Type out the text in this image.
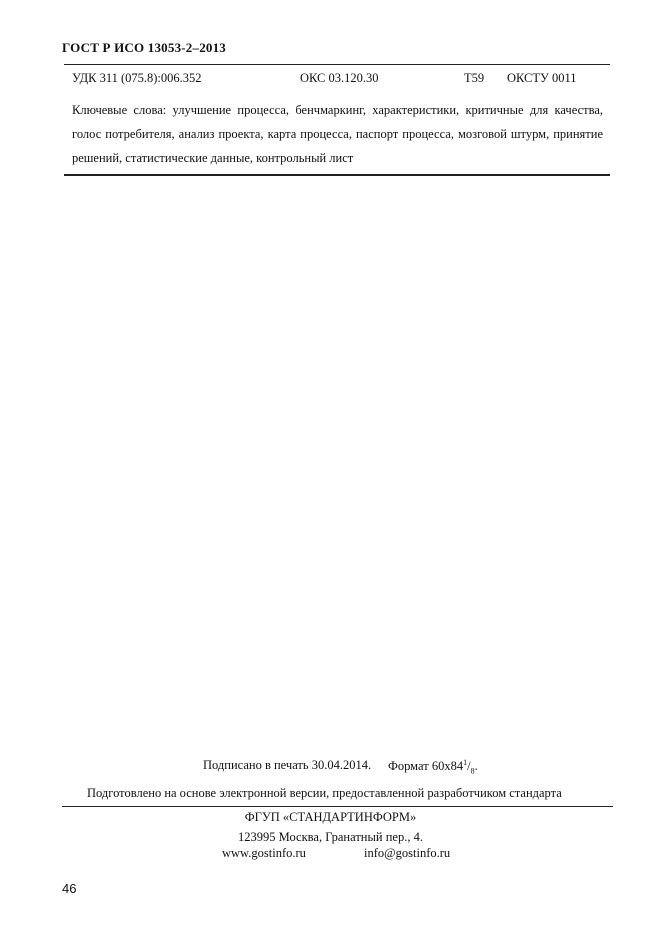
ГОСТ Р ИСО 13053-2–2013
УДК 311 (075.8):006.352	ОКС 03.120.30	Т59 ОКСТУ 0011
Ключевые слова: улучшение процесса, бенчмаркинг, характеристики, критичные для качества, голос потребителя, анализ проекта, карта процесса, паспорт процесса, мозговой штурм, принятие решений, статистические данные, контрольный лист
Подписано в печать 30.04.2014. Формат $60х84^1/_8$.
Подготовлено на основе электронной версии, предоставленной разработчиком стандарта
ФГУП «СТАНДАРТИНФОРМ»
123995 Москва, Гранатный пер., 4.
www.gostinfo.ru	info@gostinfo.ru
46
